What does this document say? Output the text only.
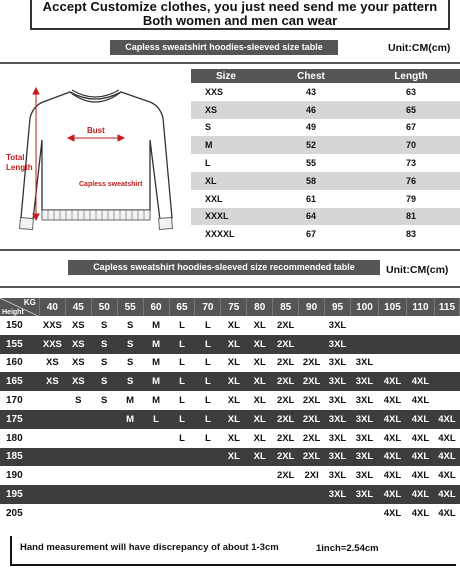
Accept Customize clothes, you just need send me your pattern
Both women and men can wear
Capless sweatshirt hoodies-sleeved size table	Unit:CM(cm)
Bust
Total
Length
Capless sweatshirt
Size	Chest	Length
XXS	43	63
XS	46	65
S	49	67
M	52	70
L	55	73
XL	58	76
XXL	61	79
XXXL	64	81
XXXXL	67	83
Capless sweatshirt hoodies-sleeved size recommended table	Unit:CM(cm)
KG
Height	40	45	50	55	60	65	70	75	80	85	90	95	100	105	110	115
150	XXS	XS	S	S	M	L	L	XL	XL	2XL		3XL				
155	XXS	XS	S	S	M	L	L	XL	XL	2XL		3XL				
160	XS	XS	S	S	M	L	L	XL	XL	2XL	2XL	3XL	3XL			
165	XS	XS	S	S	M	L	L	XL	XL	2XL	2XL	3XL	3XL	4XL	4XL	
170		S	S	M	M	L	L	XL	XL	2XL	2XL	3XL	3XL	4XL	4XL	
175				M	L	L	L	XL	XL	2XL	2XL	3XL	3XL	4XL	4XL	4XL
180						L	L	XL	XL	2XL	2XL	3XL	3XL	4XL	4XL	4XL
185								XL	XL	2XL	2XL	3XL	3XL	4XL	4XL	4XL
190										2XL	2XI	3XL	3XL	4XL	4XL	4XL
195												3XL	3XL	4XL	4XL	4XL
205														4XL	4XL	4XL
Hand measurement will have discrepancy of about 1-3cm	1inch=2.54cm
